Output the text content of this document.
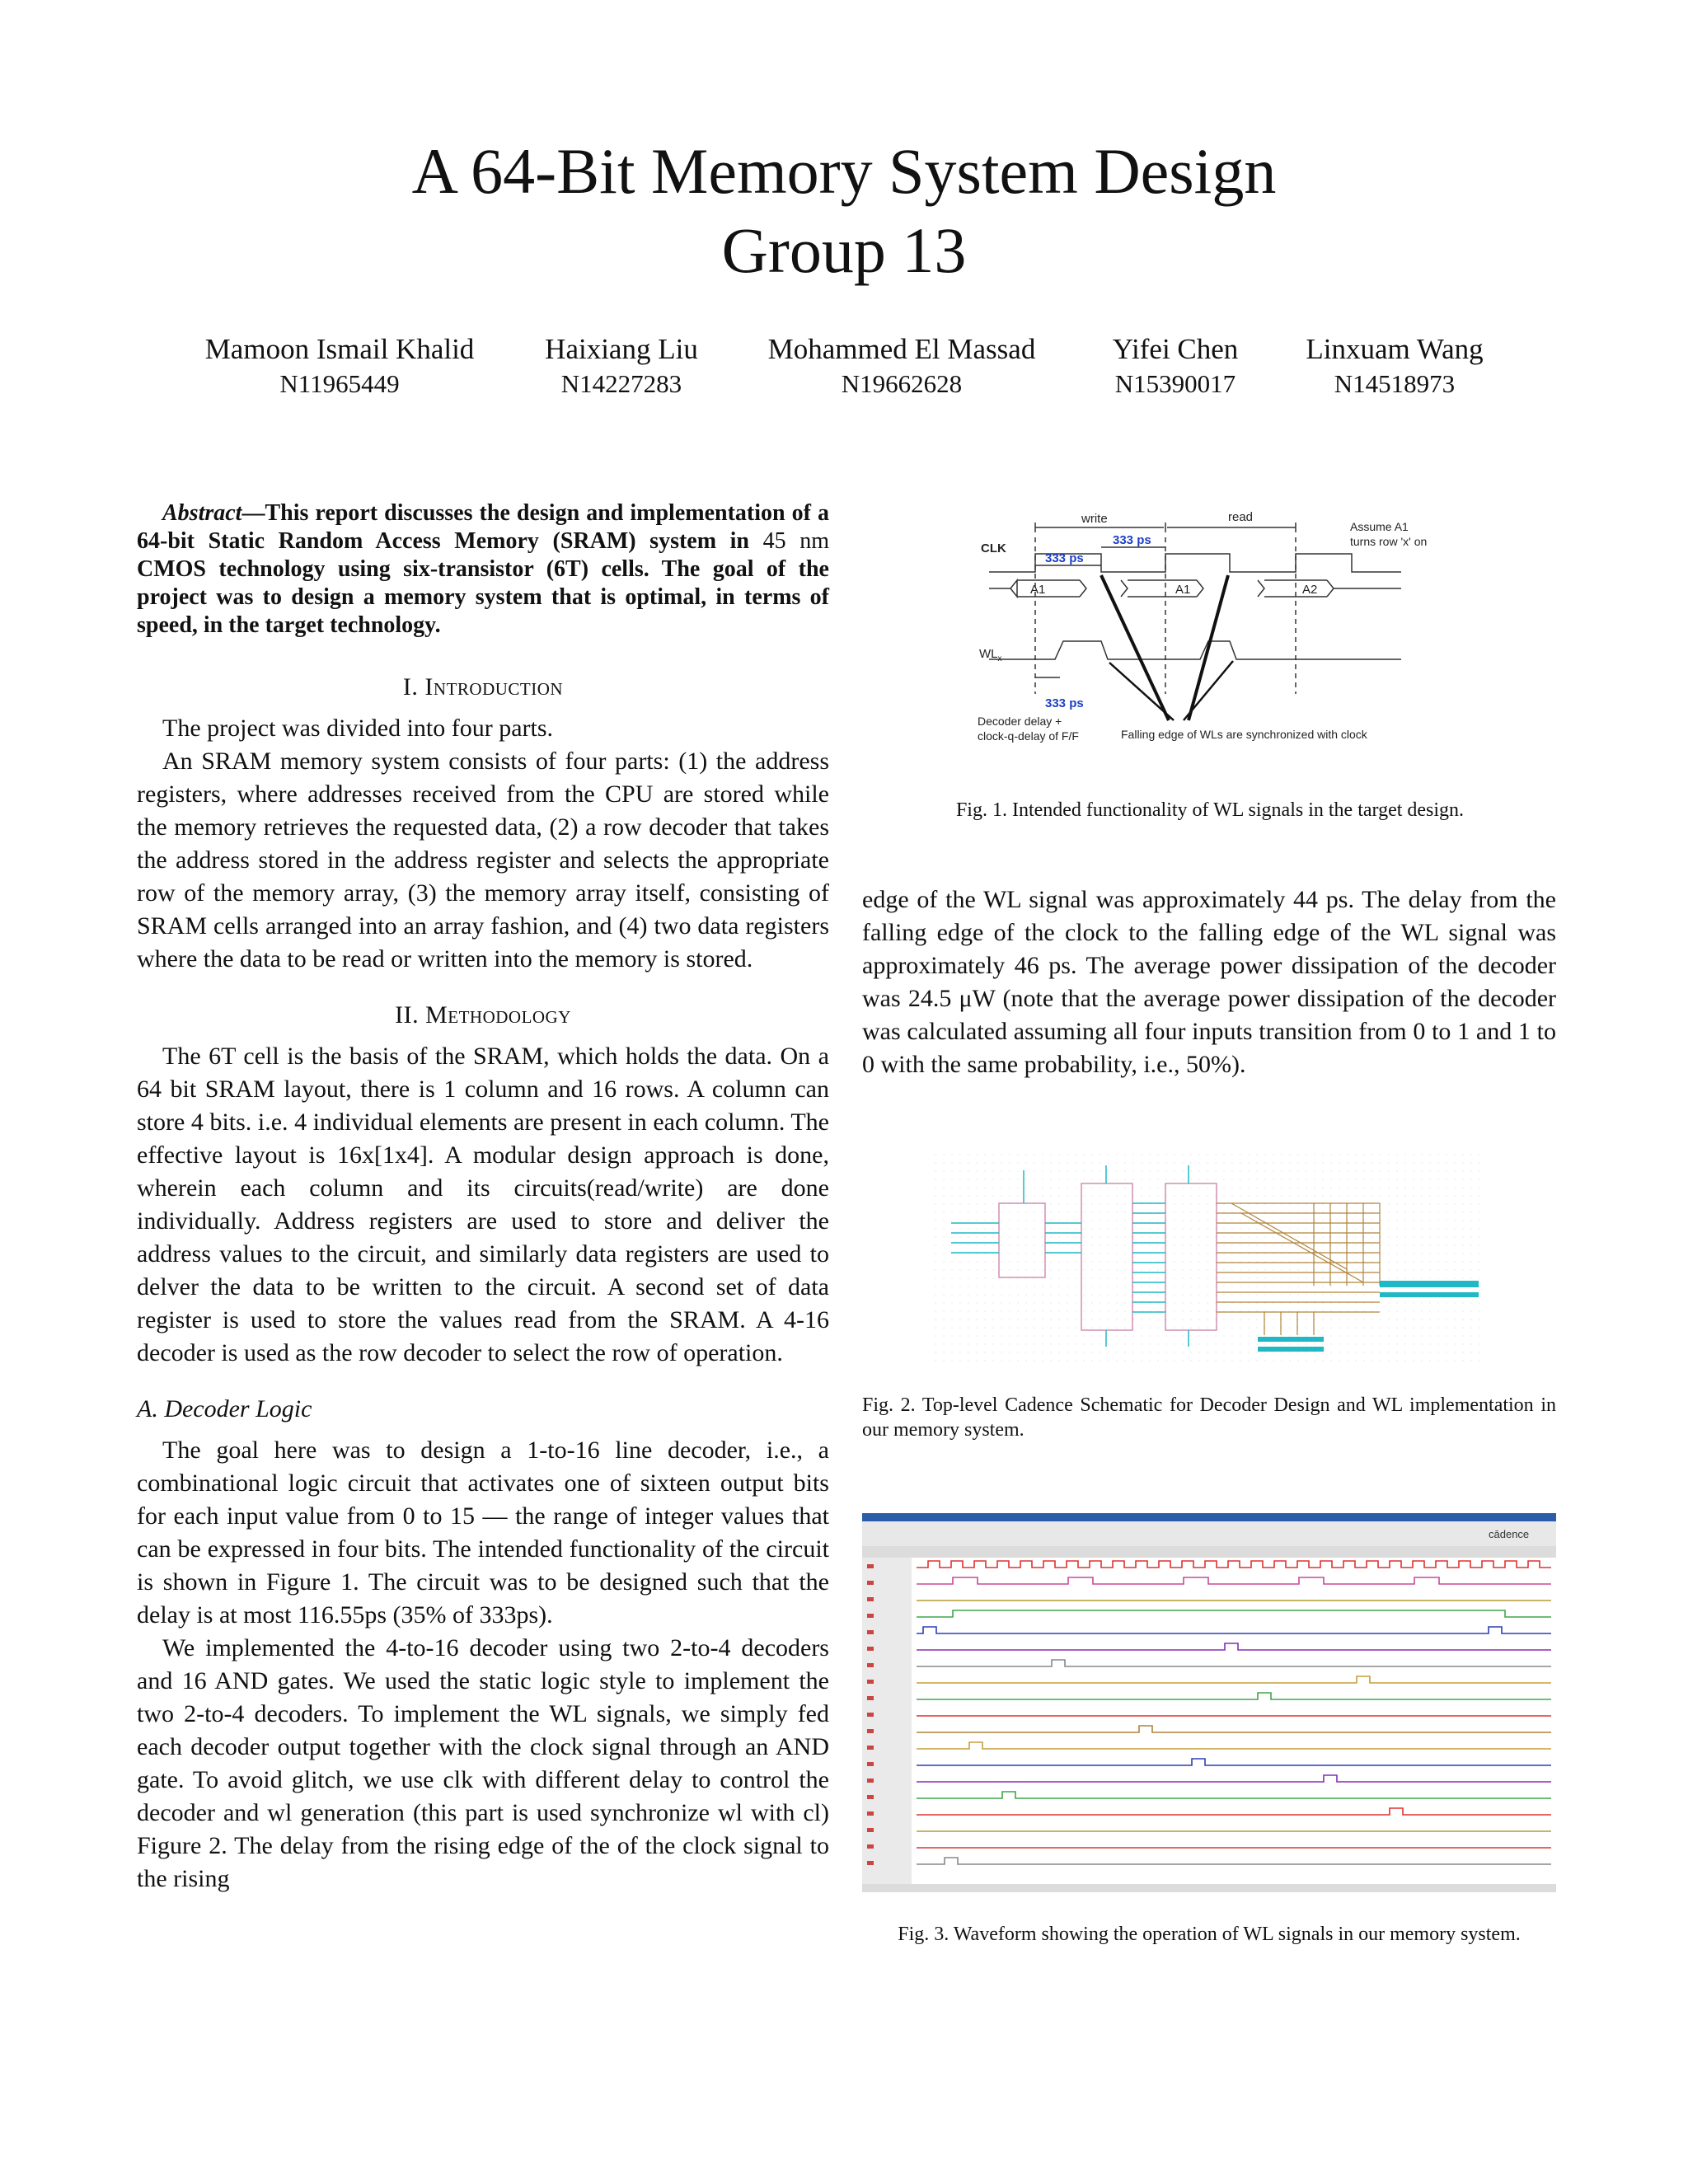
A 64-Bit Memory System Design
Group 13
Mamoon Ismail Khalid
N11965449
Haixiang Liu
N14227283
Mohammed El Massad
N19662628
Yifei Chen
N15390017
Linxuam Wang
N14518973

Abstract—This report discusses the design and implementation of a 64-bit Static Random Access Memory (SRAM) system in 45 nm CMOS technology using six-transistor (6T) cells. The goal of the project was to design a memory system that is optimal, in terms of speed, in the target technology.

I. Introduction

The project was divided into four parts.

An SRAM memory system consists of four parts: (1) the address registers, where addresses received from the CPU are stored while the memory retrieves the requested data, (2) a row decoder that takes the address stored in the address register and selects the appropriate row of the memory array, (3) the memory array itself, consisting of SRAM cells arranged into an array fashion, and (4) two data registers where the data to be read or written into the memory is stored.

II. Methodology

The 6T cell is the basis of the SRAM, which holds the data. On a 64 bit SRAM layout, there is 1 column and 16 rows. A column can store 4 bits. i.e. 4 individual elements are present in each column. The effective layout is 16x[1x4]. A modular design approach is done, wherein each column and its circuits(read/write) are done individually. Address registers are used to store and deliver the address values to the circuit, and similarly data registers are used to delver the data to be written to the circuit. A second set of data register is used to store the values read from the SRAM. A 4-16 decoder is used as the row decoder to select the row of operation.

A. Decoder Logic

The goal here was to design a 1-to-16 line decoder, i.e., a combinational logic circuit that activates one of sixteen output bits for each input value from 0 to 15 — the range of integer values that can be expressed in four bits. The intended functionality of the circuit is shown in Figure 1. The circuit was to be designed such that the delay is at most 116.55ps (35% of 333ps).

We implemented the 4-to-16 decoder using two 2-to-4 decoders and 16 AND gates. We used the static logic style to implement the two 2-to-4 decoders. To implement the WL signals, we simply fed each decoder output together with the clock signal through an AND gate. To avoid glitch, we use clk with different delay to control the decoder and wl generation (this part is used synchronize wl with cl) Figure 2. The delay from the rising edge of the of the clock signal to the rising

write	read
CLK
333 ps
333 ps
333 ps
A1	A1	A2
Assume A1
turns row 'x' on
$WL_x$
Decoder delay +
clock-q-delay of F/F	Falling edge of WLs are synchronized with clock
Fig. 1. Intended functionality of WL signals in the target design.

edge of the WL signal was approximately 44 ps. The delay from the falling edge of the clock to the falling edge of the WL signal was approximately 46 ps. The average power dissipation of the decoder was 24.5 μW (note that the average power dissipation of the decoder was calculated assuming all four inputs transition from 0 to 1 and 1 to 0 with the same probability, i.e., 50%).

Fig. 2. Top-level Cadence Schematic for Decoder Design and WL implementation in our memory system.
cādence
Fig. 3. Waveform showing the operation of WL signals in our memory system.
